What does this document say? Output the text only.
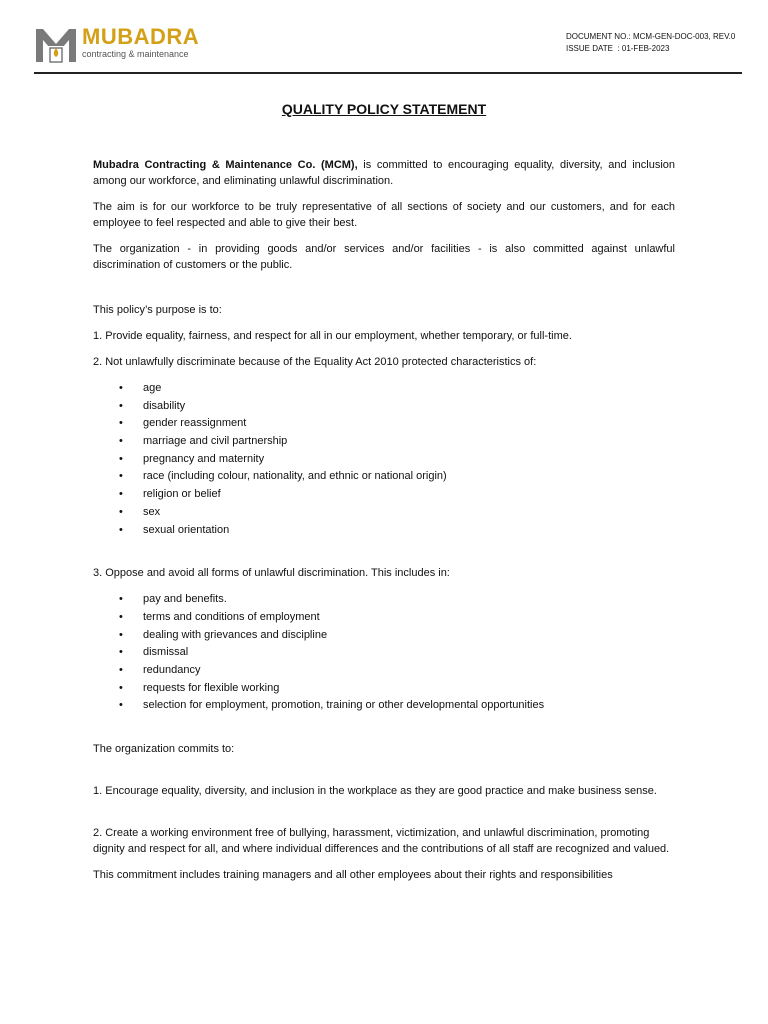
MUBADRA
contracting & maintenance
DOCUMENT NO.: MCM-GEN-DOC-003, REV.0
ISSUE DATE  : 01-FEB-2023
QUALITY POLICY STATEMENT

Mubadra Contracting & Maintenance Co. (MCM), is committed to encouraging equality, diversity, and inclusion among our workforce, and eliminating unlawful discrimination.

The aim is for our workforce to be truly representative of all sections of society and our customers, and for each employee to feel respected and able to give their best.

The organization - in providing goods and/or services and/or facilities - is also committed against unlawful discrimination of customers or the public.

This policy’s purpose is to:

1. Provide equality, fairness, and respect for all in our employment, whether temporary, or full-time.

2. Not unlawfully discriminate because of the Equality Act 2010 protected characteristics of:

• age
• disability
• gender reassignment
• marriage and civil partnership
• pregnancy and maternity
• race (including colour, nationality, and ethnic or national origin)
• religion or belief
• sex
• sexual orientation

3. Oppose and avoid all forms of unlawful discrimination. This includes in:

• pay and benefits.
• terms and conditions of employment
• dealing with grievances and discipline
• dismissal
• redundancy
• requests for flexible working
• selection for employment, promotion, training or other developmental opportunities

The organization commits to:

1. Encourage equality, diversity, and inclusion in the workplace as they are good practice and make business sense.

2. Create a working environment free of bullying, harassment, victimization, and unlawful discrimination, promoting dignity and respect for all, and where individual differences and the contributions of all staff are recognized and valued.

This commitment includes training managers and all other employees about their rights and responsibilities
